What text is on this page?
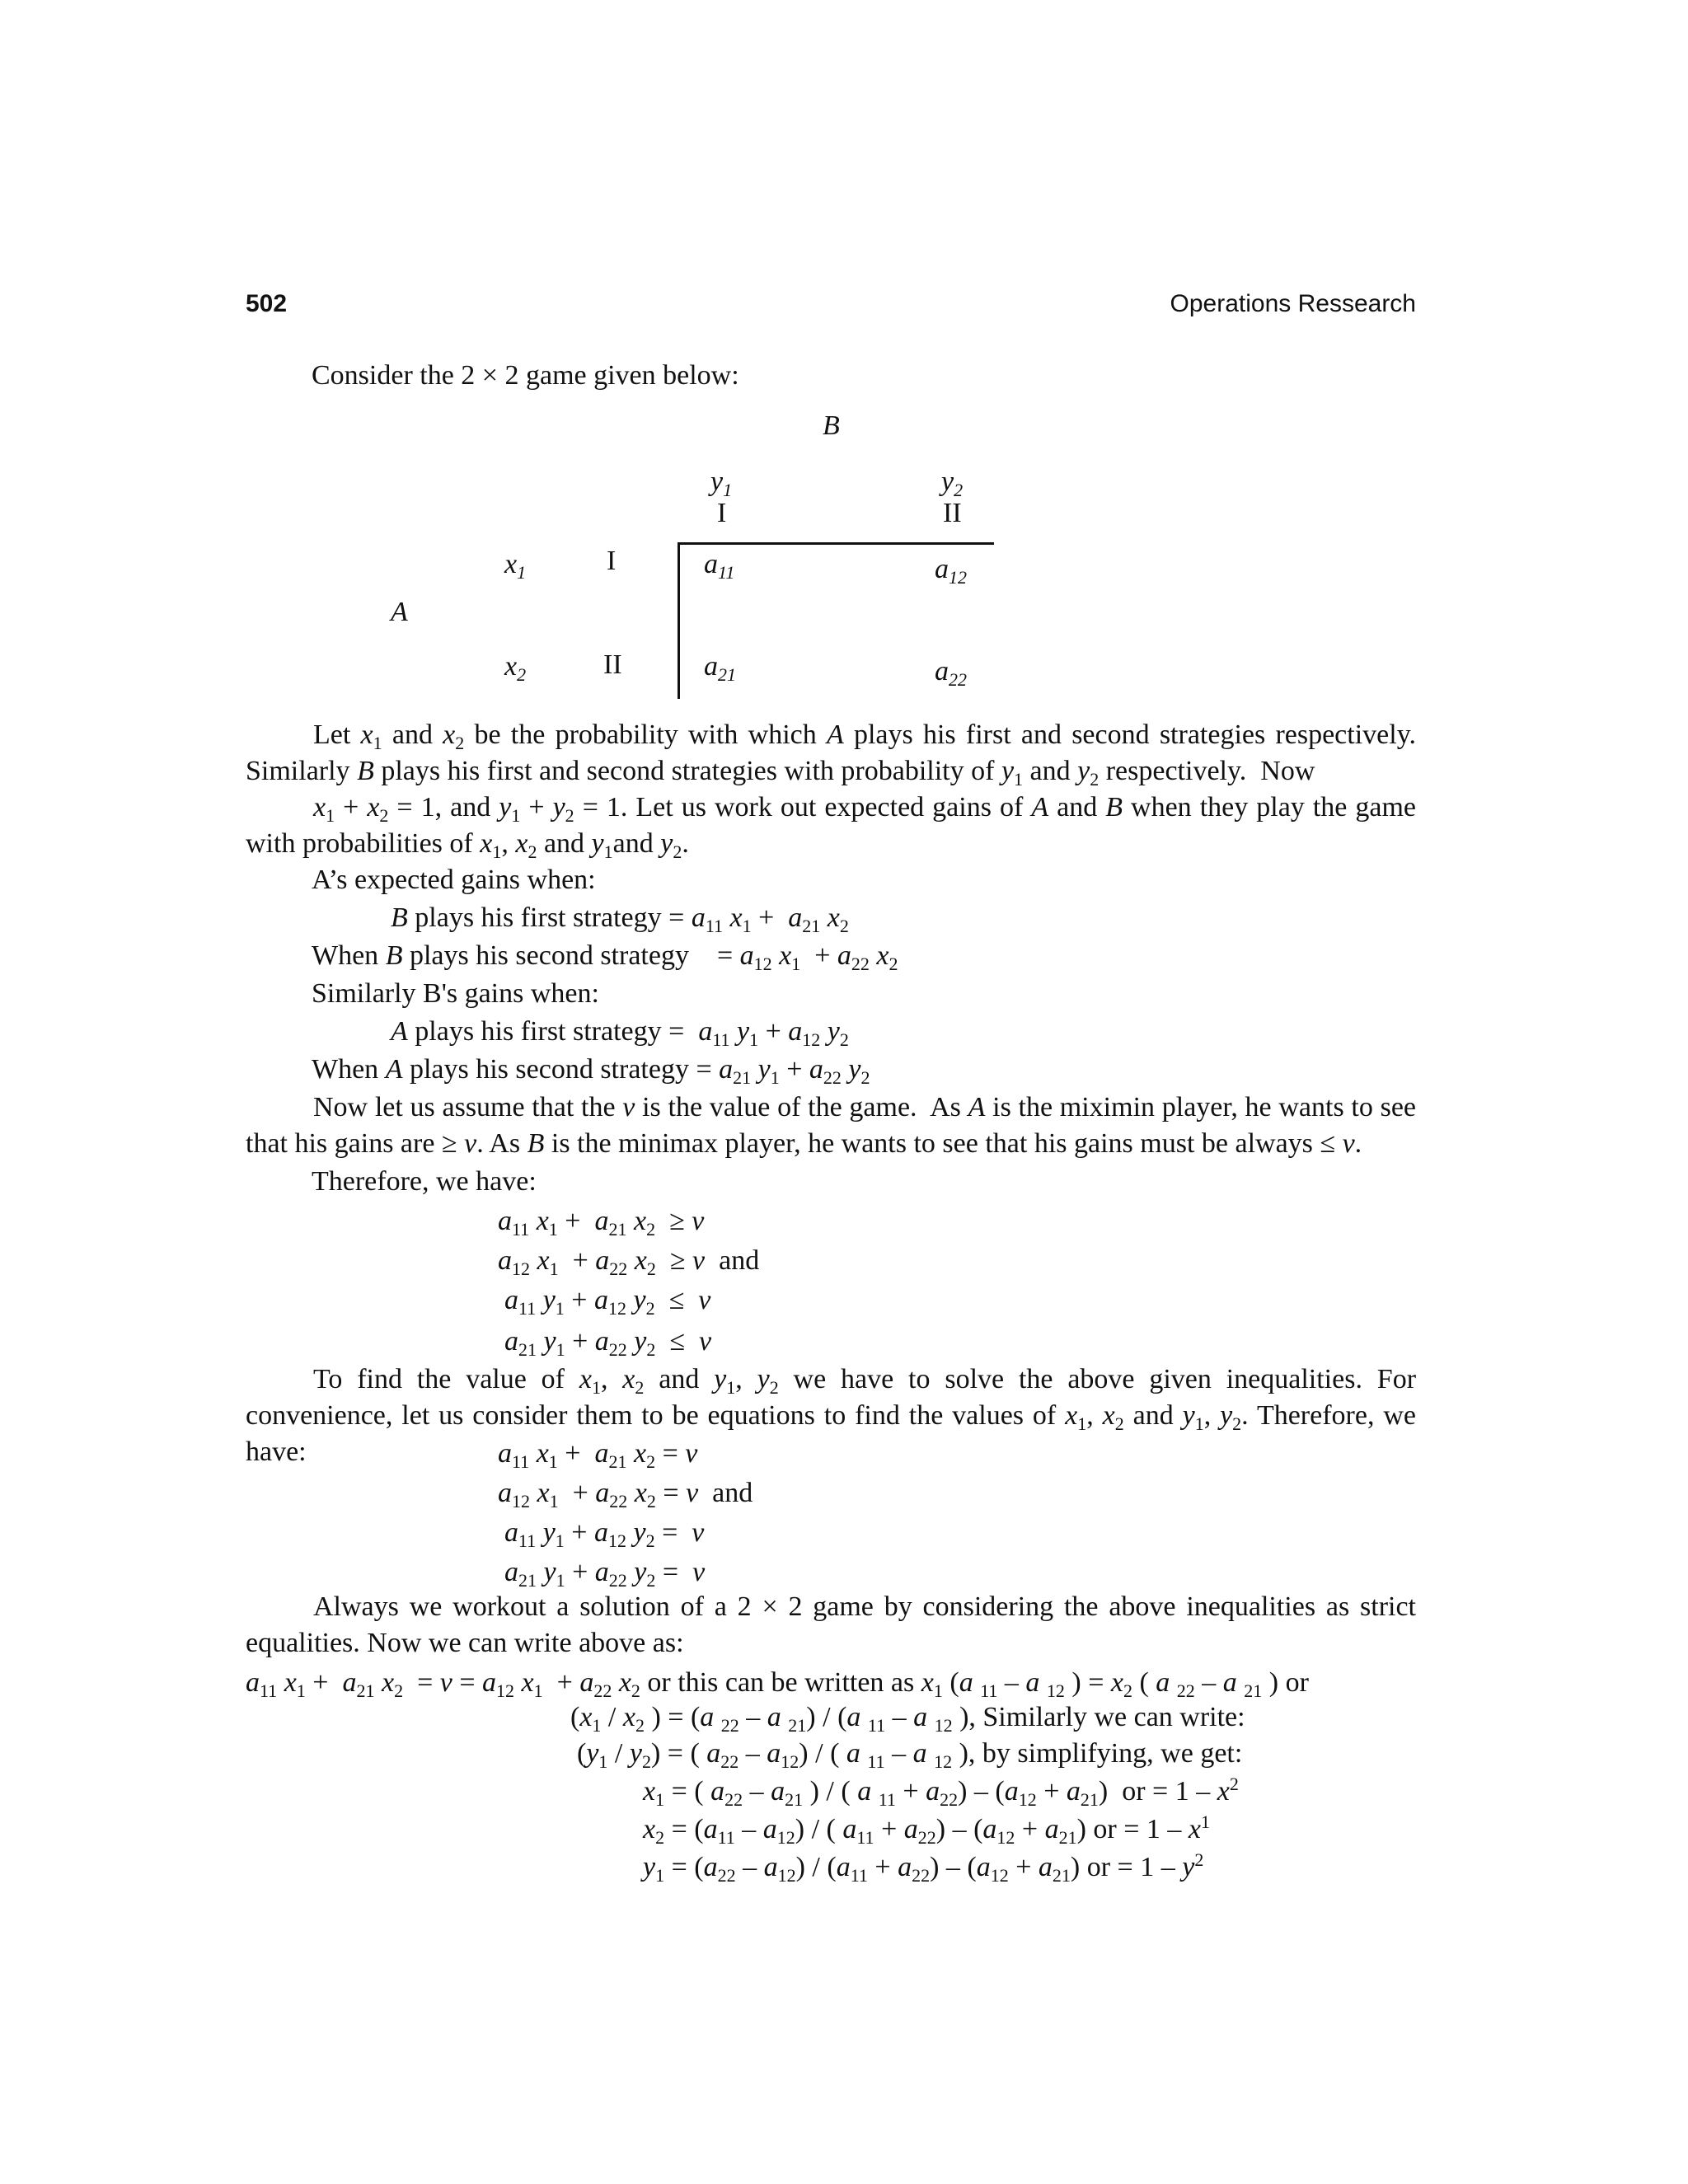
502	Operations Ressearch
Consider the 2 × 2 game given below:
B
$y_1$	$y_2$
I	II
$x_1$	I	$a_{11}$	$a_{12}$
A
$x_2$	II	$a_{21}$	$a_{22}$
Let $x_1$ and $x_2$ be the probability with which A plays his first and second strategies respectively. Similarly B plays his first and second strategies with probability of $y_1$ and $y_2$ respectively.  Now
$x_1 + x_2 = 1$, and $y_1 + y_2 = 1$. Let us work out expected gains of A and B when they play the game with probabilities of $x_1$, $x_2$ and $y_1and$ $y_2$.
A’s expected gains when:
B plays his first strategy = $a_{11}$ $x_1 + a_{21}$ $x_2$
When B plays his second strategy    = $a_{12}$ $x_1 + a_{22}$ $x_2$
Similarly B's gains when:
A plays his first strategy =  $a_{11}$ $y_1 + a_{12}$ $y_2$
When A plays his second strategy = $a_{21}$ $y_1 + a_{22}$ $y_2$
Now let us assume that the v is the value of the game.  As A is the miximin player, he wants to see that his gains are ≥ v. As B is the minimax player, he wants to see that his gains must be always ≤ v.
Therefore, we have:
$a_{11}$ $x_1 + a_{21}$ $x_2 \ge v$
$a_{12}$ $x_1 + a_{22}$ $x_2 \ge v$  and
$a_{11}$ $y_1 + a_{12}$ $y_2 \le v$
$a_{21}$ $y_1 + a_{22}$ $y_2 \le v$
To find the value of $x_1$, $x_2$ and $y_1$, $y_2$ we have to solve the above given inequalities. For convenience, let us consider them to be equations to find the values of $x_1$, $x_2$ and $y_1$, $y_2$. Therefore, we have:	$a_{11}$ $x_1 + a_{21}$ $x_2 = v$
$a_{12}$ $x_1 + a_{22}$ $x_2 = v$  and
$a_{11}$ $y_1 + a_{12}$ $y_2 = v$
$a_{21}$ $y_1 + a_{22}$ $y_2 = v$
Always we workout a solution of a 2 × 2 game by considering the above inequalities as strict equalities. Now we can write above as:
$a_{11}$ $x_1 + a_{21}$ $x_2 = v = a_{12}$ $x_1 + a_{22}$ $x_2$ or this can be written as $x_1$ (a $_{11}$ – a $_{12}$ ) = $x_2$ ( a $_{22}$ – a $_{21}$ ) or
($x_1 / x_2$ ) = (a $_{22}$ – a $_{21}$) / (a $_{11}$ – a $_{12}$ ), Similarly we can write:
$(y_1 / y_2)$ = ( $a_{22} - a_{12}$) / ( a $_{11}$ – a $_{12}$ ), by simplifying, we get:
$x_1$ = ( $a_{22} - a_{21}$ ) / ( a $_{11} + a_{22}) - (a_{12} + a_{21})$  or = $1 - x^2$
$x_2 = (a_{11} - a_{12})$ / ( $a_{11} + a_{22}) - (a_{12} + a_{21})$ or = $1 - x^1$
$y_1 = (a_{22} - a_{12}) / (a_{11} + a_{22}) - (a_{12} + a_{21})$ or = $1 - y^2$
